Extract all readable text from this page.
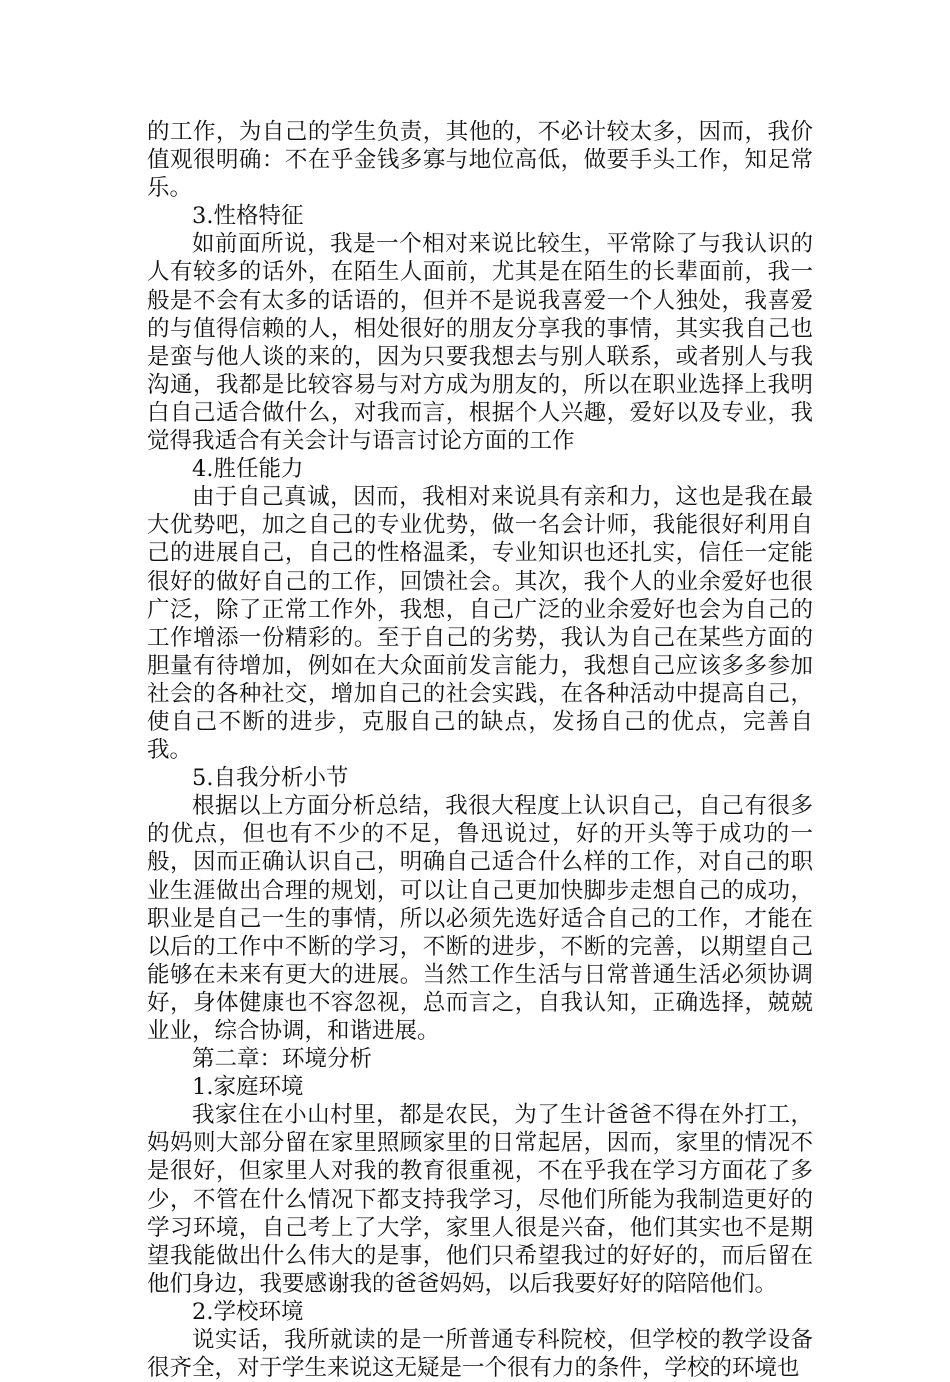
的工作，为自己的学生负责，其他的，不必计较太多，因而，我价值观很明确：不在乎金钱多寡与地位高低，做要手头工作，知足常乐。

3.性格特征

如前面所说，我是一个相对来说比较生，平常除了与我认识的人有较多的话外，在陌生人面前，尤其是在陌生的长辈面前，我一般是不会有太多的话语的，但并不是说我喜爱一个人独处，我喜爱的与值得信赖的人，相处很好的朋友分享我的事情，其实我自己也是蛮与他人谈的来的，因为只要我想去与别人联系，或者别人与我沟通，我都是比较容易与对方成为朋友的，所以在职业选择上我明白自己适合做什么，对我而言，根据个人兴趣，爱好以及专业，我觉得我适合有关会计与语言讨论方面的工作

4.胜任能力

由于自己真诚，因而，我相对来说具有亲和力，这也是我在最大优势吧，加之自己的专业优势，做一名会计师，我能很好利用自己的进展自己，自己的性格温柔，专业知识也还扎实，信任一定能很好的做好自己的工作，回馈社会。其次，我个人的业余爱好也很广泛，除了正常工作外，我想，自己广泛的业余爱好也会为自己的工作增添一份精彩的。至于自己的劣势，我认为自己在某些方面的胆量有待增加，例如在大众面前发言能力，我想自己应该多多参加社会的各种社交，增加自己的社会实践，在各种活动中提高自己，使自己不断的进步，克服自己的缺点，发扬自己的优点，完善自我。

5.自我分析小节

根据以上方面分析总结，我很大程度上认识自己，自己有很多的优点，但也有不少的不足，鲁迅说过，好的开头等于成功的一般，因而正确认识自己，明确自己适合什么样的工作，对自己的职业生涯做出合理的规划，可以让自己更加快脚步走想自己的成功，职业是自己一生的事情，所以必须先选好适合自己的工作，才能在以后的工作中不断的学习，不断的进步，不断的完善，以期望自己能够在未来有更大的进展。当然工作生活与日常普通生活必须协调好，身体健康也不容忽视，总而言之，自我认知，正确选择，兢兢业业，综合协调，和谐进展。

第二章：环境分析

1.家庭环境

我家住在小山村里，都是农民，为了生计爸爸不得在外打工，妈妈则大部分留在家里照顾家里的日常起居，因而，家里的情况不是很好，但家里人对我的教育很重视，不在乎我在学习方面花了多少，不管在什么情况下都支持我学习，尽他们所能为我制造更好的学习环境，自己考上了大学，家里人很是兴奋，他们其实也不是期望我能做出什么伟大的是事，他们只希望我过的好好的，而后留在他们身边，我要感谢我的爸爸妈妈，以后我要好好的陪陪他们。

2.学校环境

说实话，我所就读的是一所普通专科院校，但学校的教学设备很齐全，对于学生来说这无疑是一个很有力的条件，学校的环境也
